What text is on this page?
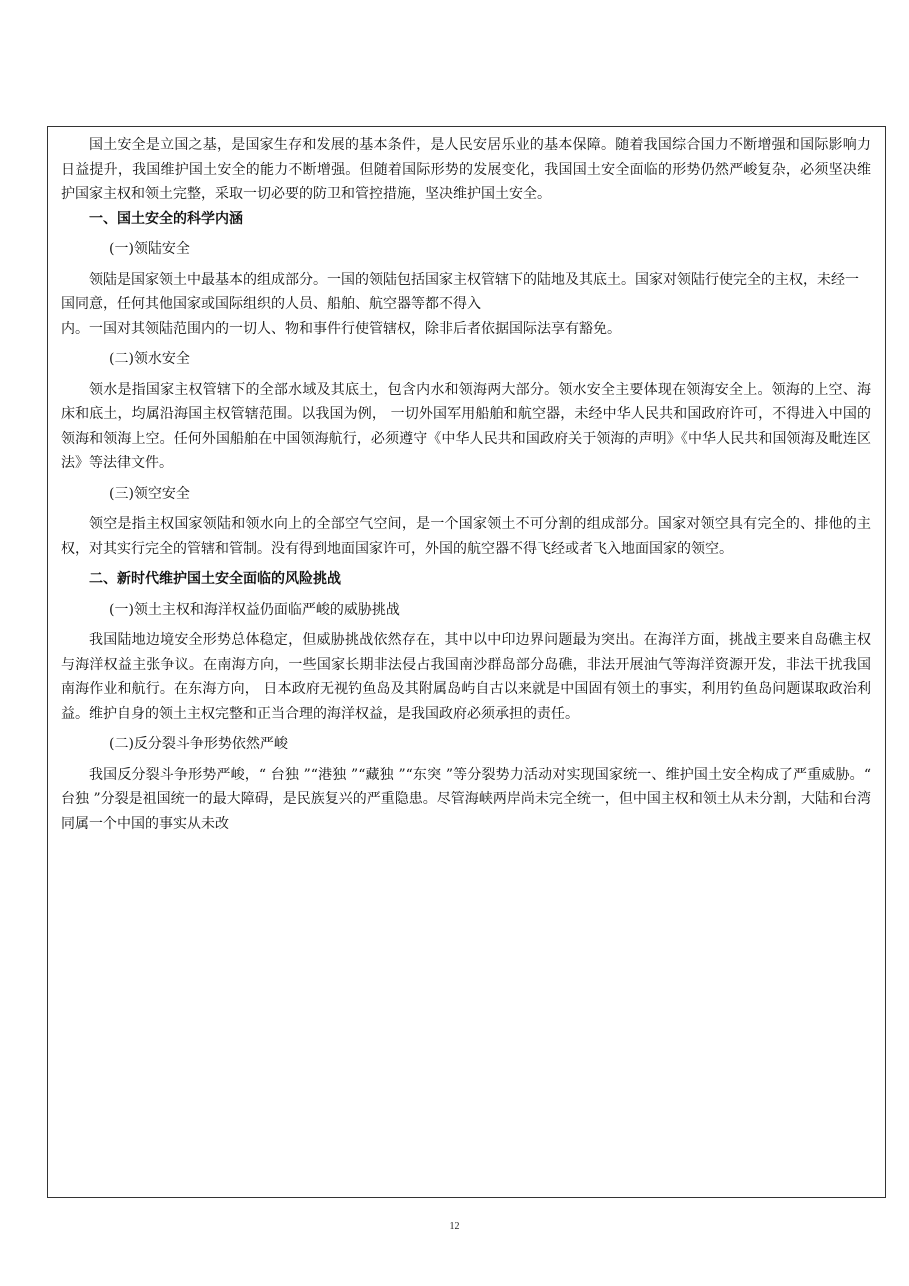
国土安全是立国之基，是国家生存和发展的基本条件，是人民安居乐业的基本保障。随着我国综合国力不断增强和国际影响力日益提升，我国维护国土安全的能力不断增强。但随着国际形势的发展变化，我国国土安全面临的形势仍然严峻复杂，必须坚决维护国家主权和领土完整，采取一切必要的防卫和管控措施，坚决维护国土安全。

一、国土安全的科学内涵

(一)领陆安全

领陆是国家领土中最基本的组成部分。一国的领陆包括国家主权管辖下的陆地及其底土。国家对领陆行使完全的主权，未经一国同意，任何其他国家或国际组织的人员、船舶、航空器等都不得入

内。一国对其领陆范围内的一切人、物和事件行使管辖权，除非后者依据国际法享有豁免。

(二)领水安全

领水是指国家主权管辖下的全部水域及其底土，包含内水和领海两大部分。领水安全主要体现在领海安全上。领海的上空、海床和底土，均属沿海国主权管辖范围。以我国为例， 一切外国军用船舶和航空器，未经中华人民共和国政府许可，不得进入中国的领海和领海上空。任何外国船舶在中国领海航行，必须遵守《中华人民共和国政府关于领海的声明》《中华人民共和国领海及毗连区法》等法律文件。

(三)领空安全

领空是指主权国家领陆和领水向上的全部空气空间，是一个国家领土不可分割的组成部分。国家对领空具有完全的、排他的主权，对其实行完全的管辖和管制。没有得到地面国家许可，外国的航空器不得飞经或者飞入地面国家的领空。

二、新时代维护国土安全面临的风险挑战

(一)领土主权和海洋权益仍面临严峻的威胁挑战

我国陆地边境安全形势总体稳定，但威胁挑战依然存在，其中以中印边界问题最为突出。在海洋方面，挑战主要来自岛礁主权与海洋权益主张争议。在南海方向，一些国家长期非法侵占我国南沙群岛部分岛礁，非法开展油气等海洋资源开发，非法干扰我国南海作业和航行。在东海方向， 日本政府无视钓鱼岛及其附属岛屿自古以来就是中国固有领土的事实，利用钓鱼岛问题谋取政治利益。维护自身的领土主权完整和正当合理的海洋权益，是我国政府必须承担的责任。

(二)反分裂斗争形势依然严峻

我国反分裂斗争形势严峻，“ 台独 ”“港独 ”“藏独 ”“东突 ”等分裂势力活动对实现国家统一、维护国土安全构成了严重威胁。“ 台独 ”分裂是祖国统一的最大障碍，是民族复兴的严重隐患。尽管海峡两岸尚未完全统一，但中国主权和领土从未分割，大陆和台湾同属一个中国的事实从未改

12
